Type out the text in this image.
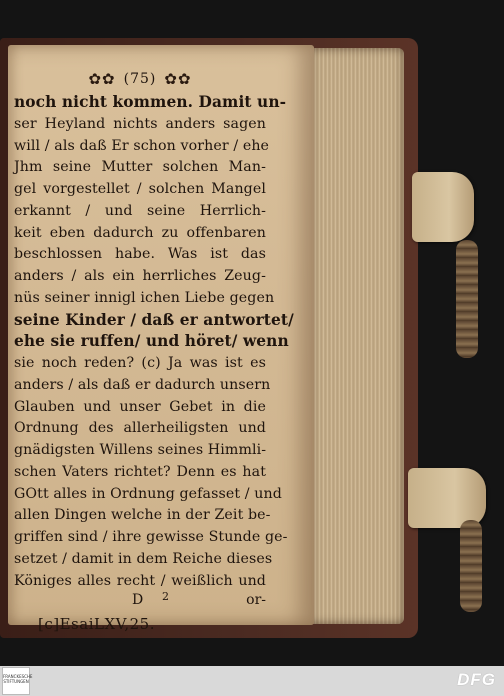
✿✿ (75) ✿✿
noch nicht kommen. Damit un-
ser Heyland nichts anders sagen
will / als daß Er schon vorher / ehe
Jhm seine Mutter solchen Man-
gel vorgestellet / solchen Mangel
erkannt / und seine Herrlich-
keit eben dadurch zu offenbaren
beschlossen habe. Was ist das
anders / als ein herrliches Zeug-
nüs seiner innigl ichen Liebe gegen
seine Kinder / daß er antwortet/
ehe sie ruffen/ und höret/ wenn
sie noch reden? (c) Ja was ist es
anders / als daß er dadurch unsern
Glauben und unser Gebet in die
Ordnung des allerheiligsten und
gnädigsten Willens seines Himmli-
schen Vaters richtet? Denn es hat
GOtt alles in Ordnung gefasset / und
allen Dingen welche in der Zeit be-
griffen sind / ihre gewisse Stunde ge-
setzet / damit in dem Reiche dieses
Königes alles recht / weißlich und
D 2	or-
[c]EsaiLXV,25.
FRANCKESCHE STIFTUNGEN	DFG
